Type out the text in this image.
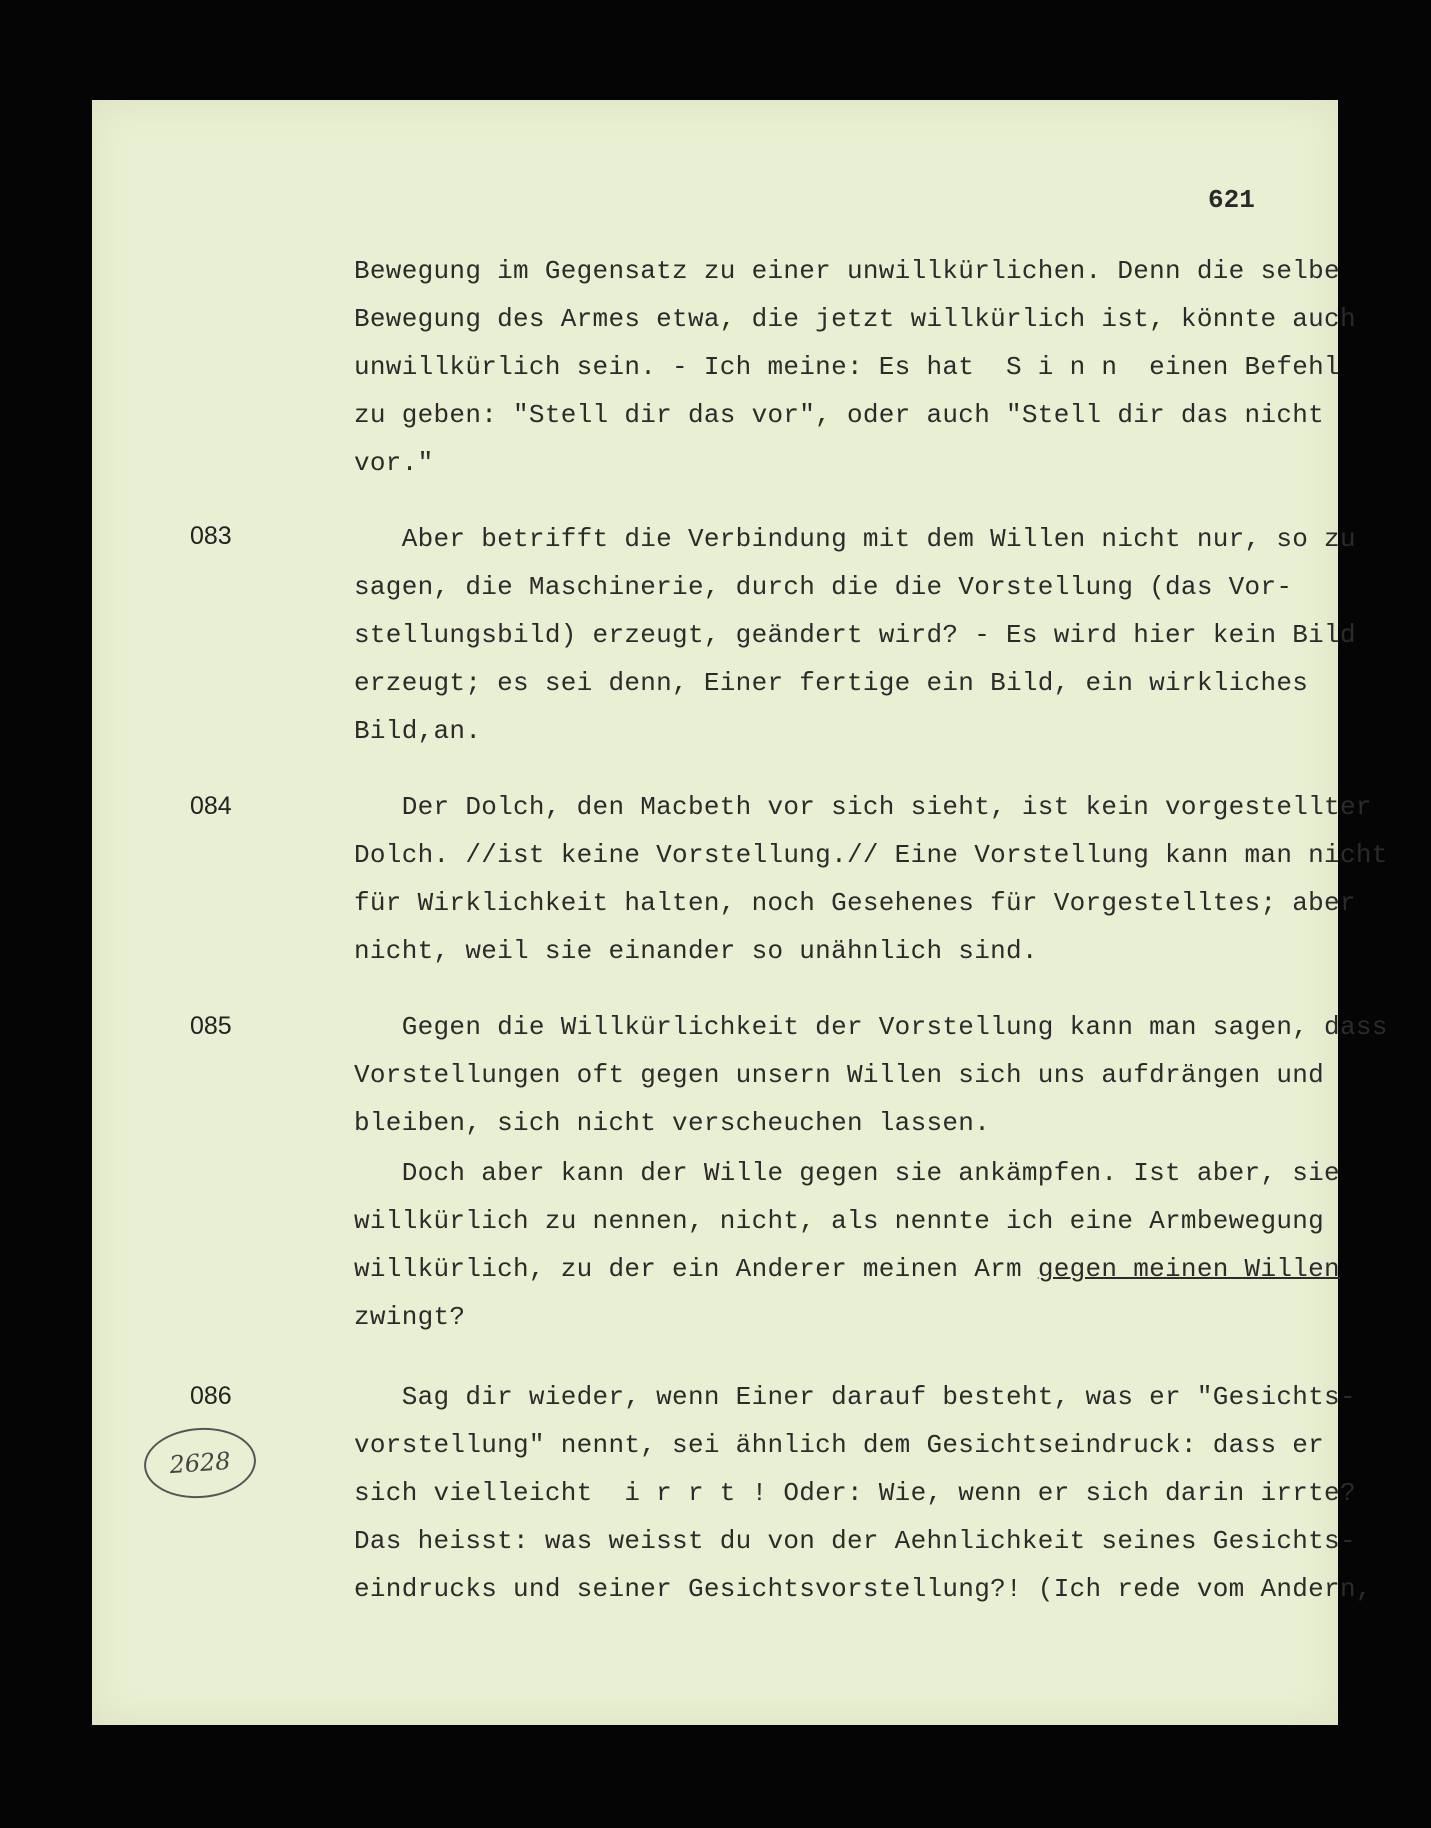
621
083
084
085
086
2628
Bewegung im Gegensatz zu einer unwillkürlichen. Denn die selbe
Bewegung des Armes etwa, die jetzt willkürlich ist, könnte auch
unwillkürlich sein. - Ich meine: Es hat  S i n n  einen Befehl
zu geben: "Stell dir das vor", oder auch "Stell dir das nicht
vor."
Aber betrifft die Verbindung mit dem Willen nicht nur, so zu
sagen, die Maschinerie, durch die die Vorstellung (das Vor-
stellungsbild) erzeugt, geändert wird? - Es wird hier kein Bild
erzeugt; es sei denn, Einer fertige ein Bild, ein wirkliches
Bild,an.
Der Dolch, den Macbeth vor sich sieht, ist kein vorgestellter
Dolch. //ist keine Vorstellung.// Eine Vorstellung kann man nicht
für Wirklichkeit halten, noch Gesehenes für Vorgestelltes; aber
nicht, weil sie einander so unähnlich sind.
Gegen die Willkürlichkeit der Vorstellung kann man sagen, dass
Vorstellungen oft gegen unsern Willen sich uns aufdrängen und
bleiben, sich nicht verscheuchen lassen.
Doch aber kann der Wille gegen sie ankämpfen. Ist aber, sie
willkürlich zu nennen, nicht, als nennte ich eine Armbewegung
willkürlich, zu der ein Anderer meinen Arm gegen meinen Willen
zwingt?
Sag dir wieder, wenn Einer darauf besteht, was er "Gesichts-
vorstellung" nennt, sei ähnlich dem Gesichtseindruck: dass er
sich vielleicht  i r r t ! Oder: Wie, wenn er sich darin irrte?
Das heisst: was weisst du von der Aehnlichkeit seines Gesichts-
eindrucks und seiner Gesichtsvorstellung?! (Ich rede vom Andern,
